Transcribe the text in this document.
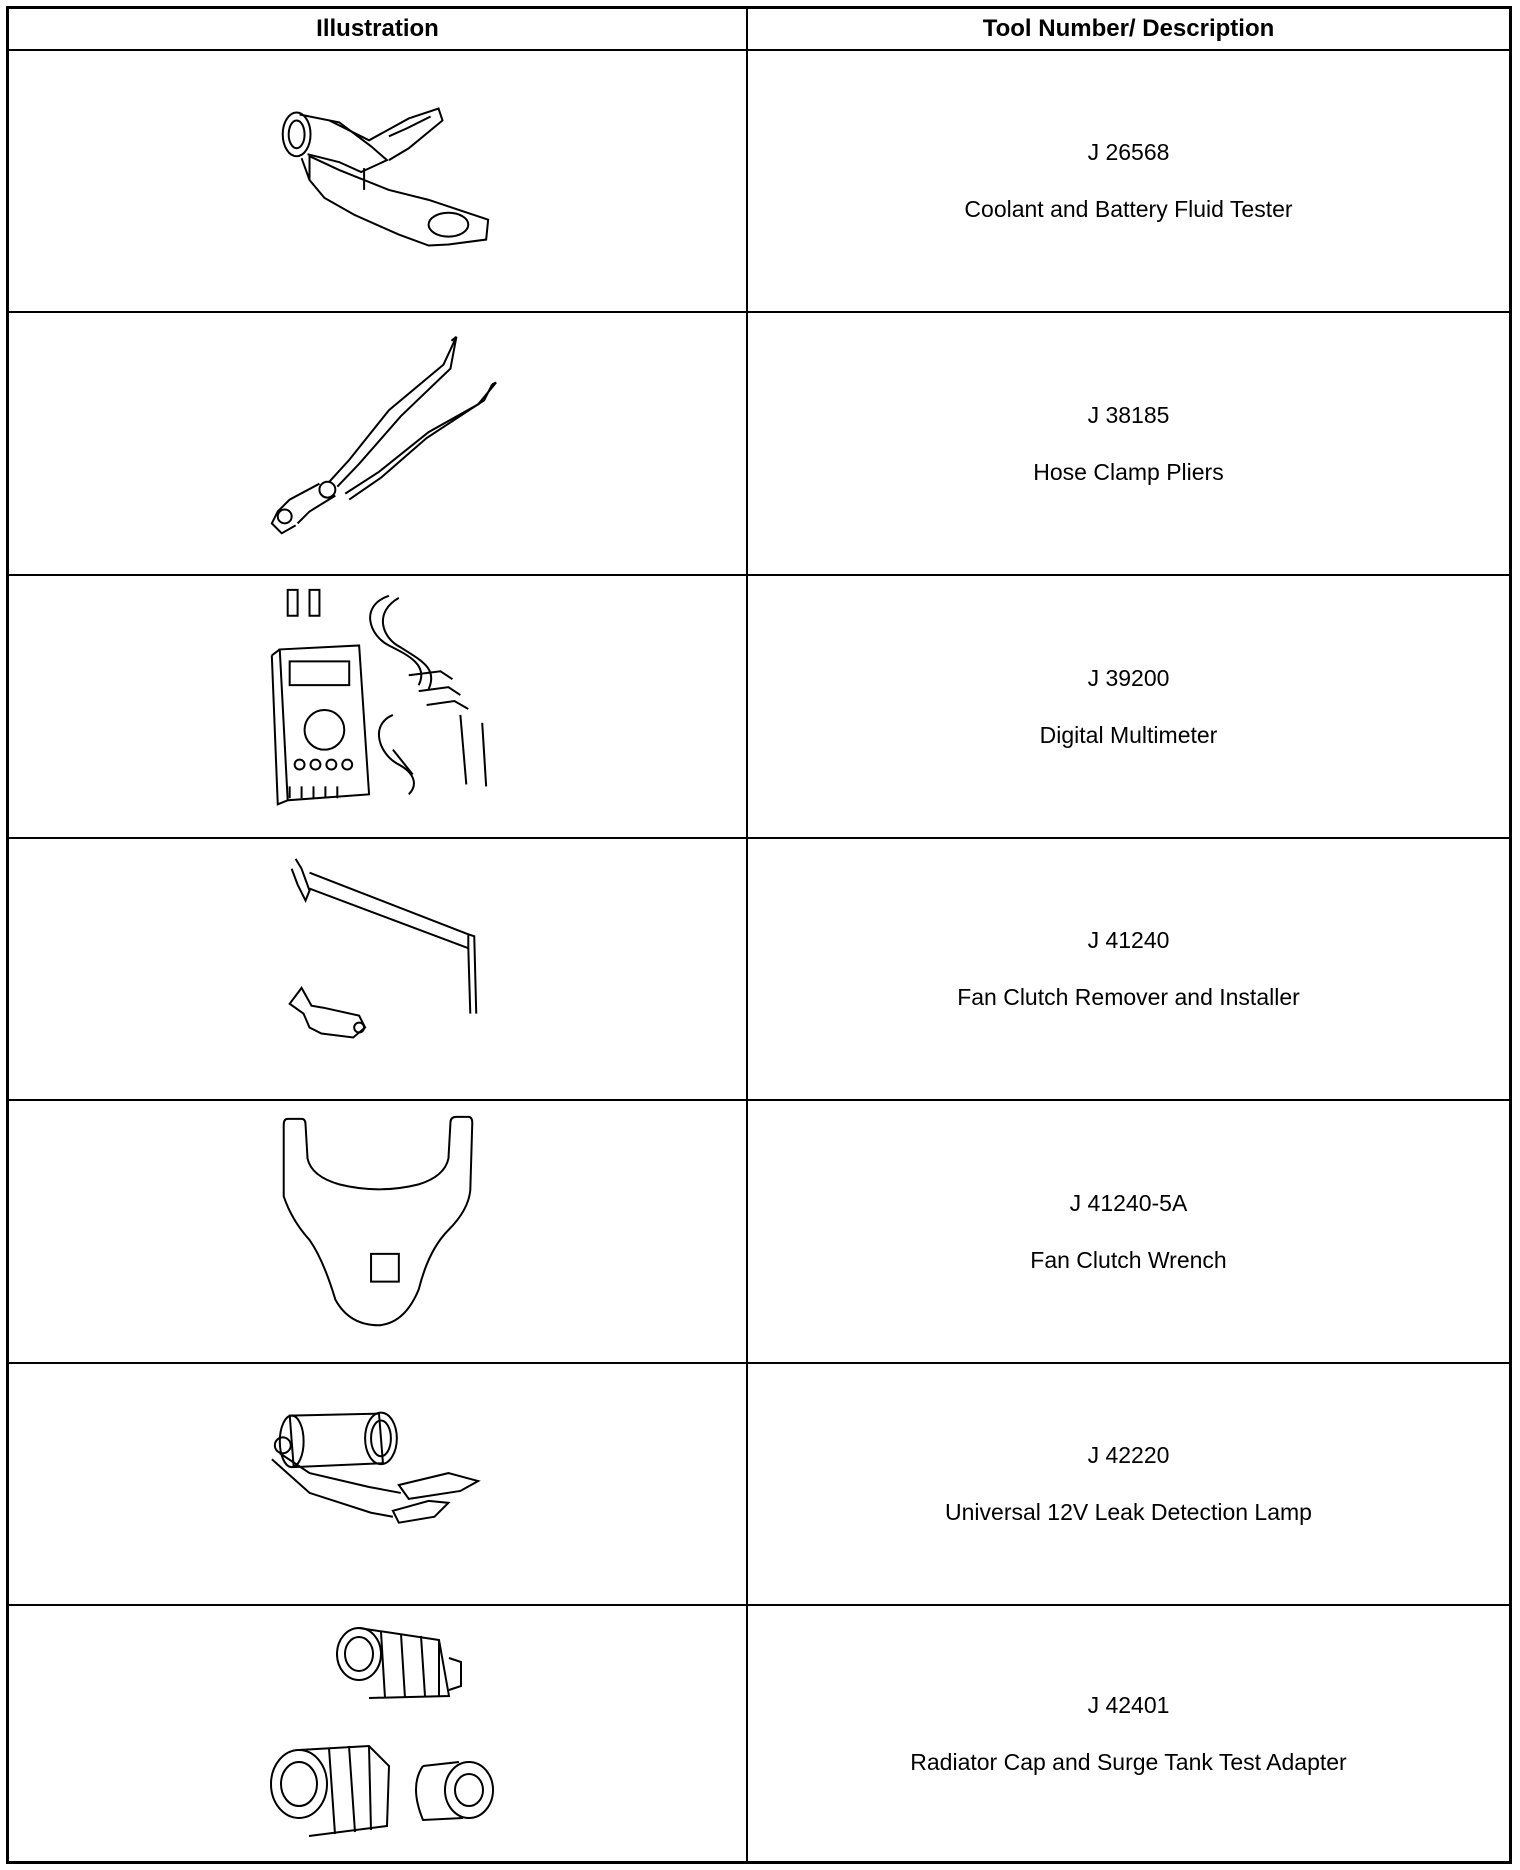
Illustration	Tool Number/ Description
J 26568
Coolant and Battery Fluid Tester
J 38185
Hose Clamp Pliers
J 39200
Digital Multimeter
J 41240
Fan Clutch Remover and Installer
J 41240-5A
Fan Clutch Wrench
J 42220
Universal 12V Leak Detection Lamp
J 42401
Radiator Cap and Surge Tank Test Adapter
